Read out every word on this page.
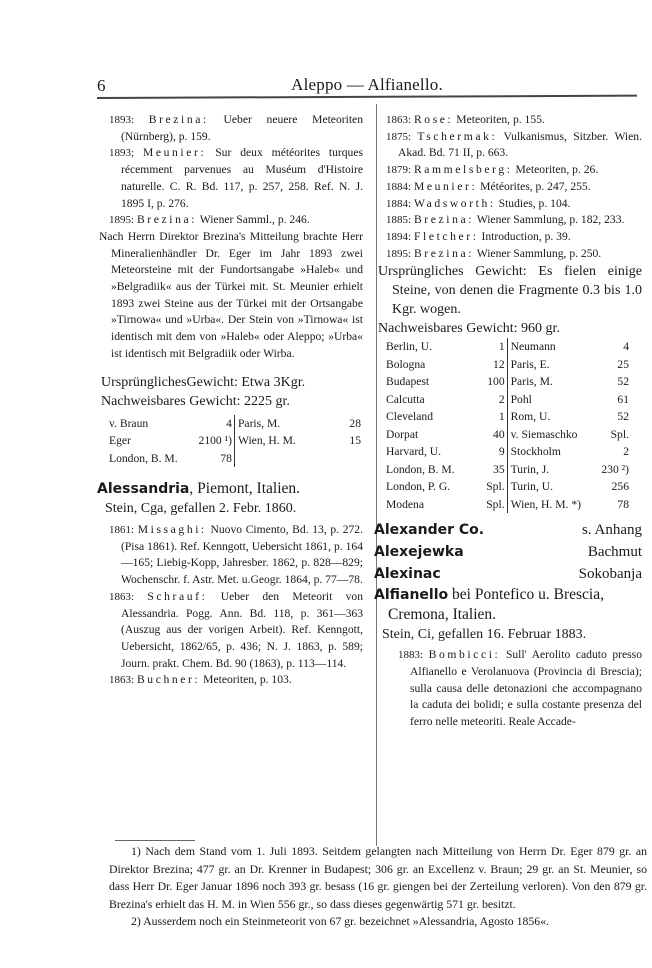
6	Aleppo — Alfianello.
1893: Brezina: Ueber neuere Meteoriten (Nürnberg), p. 159.
1893; Meunier: Sur deux météorites turques récemment parvenues au Muséum d'Histoire naturelle. C. R. Bd. 117, p. 257, 258. Ref. N. J. 1895 I, p. 276.
1895: Brezina: Wiener Samml., p. 246.
Nach Herrn Direktor Brezina's Mitteilung brachte Herr Mineralienhändler Dr. Eger im Jahr 1893 zwei Meteorsteine mit der Fundortsangabe »Haleb« und »Belgradiik« aus der Türkei mit. St. Meunier erhielt 1893 zwei Steine aus der Türkei mit der Ortsangabe »Tirnowa« und »Urba«. Der Stein von »Tirnowa« ist identisch mit dem von »Haleb« oder Aleppo; »Urba« ist identisch mit Belgradiik oder Wirba.
UrsprünglichesGewicht: Etwa 3Kgr.
Nachweisbares Gewicht: 2225 gr.
v. Braun	4	Paris, M.	28
Eger	2100 ¹)	Wien, H. M.	15
London, B. M.	78		
Alessandria, Piemont, Italien.
Stein, Cga, gefallen 2. Febr. 1860.
1861: Missaghi: Nuovo Cimento, Bd. 13, p. 272. (Pisa 1861). Ref. Kenngott, Uebersicht 1861, p. 164—165; Liebig-Kopp, Jahresber. 1862, p. 828—829; Wochenschr. f. Astr. Met. u.Geogr. 1864, p. 77—78.
1863: Schrauf: Ueber den Meteorit von Alessandria. Pogg. Ann. Bd. 118, p. 361—363 (Auszug aus der vorigen Arbeit). Ref. Kenngott, Uebersicht, 1862/65, p. 436; N. J. 1863, p. 589; Journ. prakt. Chem. Bd. 90 (1863), p. 113—114.
1863: Buchner: Meteoriten, p. 103.
1863: Rose: Meteoriten, p. 155.
1875: Tschermak: Vulkanismus, Sitzber. Wien. Akad. Bd. 71 II, p. 663.
1879: Rammelsberg: Meteoriten, p. 26.
1884: Meunier: Météorites, p. 247, 255.
1884: Wadsworth: Studies, p. 104.
1885: Brezina: Wiener Sammlung, p. 182, 233.
1894: Fletcher: Introduction, p. 39.
1895: Brezina: Wiener Sammlung, p. 250.
Ursprüngliches Gewicht: Es fielen einige Steine, von denen die Fragmente 0.3 bis 1.0 Kgr. wogen.
Nachweisbares Gewicht: 960 gr.
Berlin, U.	1	Neumann	4
Bologna	12	Paris, E.	25
Budapest	100	Paris, M.	52
Calcutta	2	Pohl	61
Cleveland	1	Rom, U.	52
Dorpat	40	v. Siemaschko	Spl.
Harvard, U.	9	Stockholm	2
London, B. M.	35	Turin, J.	230 ²)
London, P. G.	Spl.	Turin, U.	256
Modena	Spl.	Wien, H. M. *)	78
Alexander Co.	s. Anhang
Alexejewka	Bachmut
Alexinac	Sokobanja
Alfianello bei Pontefico u. Brescia, Cremona, Italien.
Stein, Ci, gefallen 16. Februar 1883.
1883: Bombicci: Sull' Aerolito caduto presso Alfianello e Verolanuova (Provincia di Brescia); sulla causa delle detonazioni che accompagnano la caduta dei bolidi; e sulla costante presenza del ferro nelle meteoriti. Reale Accade-
1) Nach dem Stand vom 1. Juli 1893. Seitdem gelangten nach Mitteilung von Herrn Dr. Eger 879 gr. an Direktor Brezina; 477 gr. an Dr. Krenner in Budapest; 306 gr. an Excellenz v. Braun; 29 gr. an St. Meunier, so dass Herr Dr. Eger Januar 1896 noch 393 gr. besass (16 gr. giengen bei der Zerteilung verloren). Von den 879 gr. Brezina's erhielt das H. M. in Wien 556 gr., so dass dieses gegenwärtig 571 gr. besitzt.
2) Ausserdem noch ein Steinmeteorit von 67 gr. bezeichnet »Alessandria, Agosto 1856«.
